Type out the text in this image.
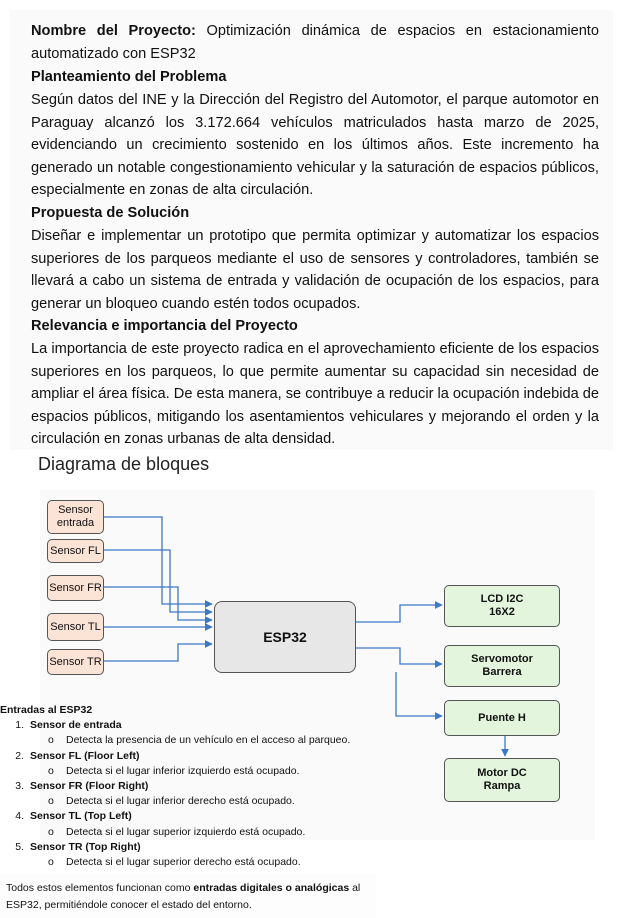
Nombre del Proyecto: Optimización dinámica de espacios en estacionamiento automatizado con ESP32
Planteamiento del Problema
Según datos del INE y la Dirección del Registro del Automotor, el parque automotor en Paraguay alcanzó los 3.172.664 vehículos matriculados hasta marzo de 2025, evidenciando un crecimiento sostenido en los últimos años. Este incremento ha generado un notable congestionamiento vehicular y la saturación de espacios públicos, especialmente en zonas de alta circulación.
Propuesta de Solución
Diseñar e implementar un prototipo que permita optimizar y automatizar los espacios superiores de los parqueos mediante el uso de sensores y controladores, también se llevará a cabo un sistema de entrada y validación de ocupación de los espacios, para generar un bloqueo cuando estén todos ocupados.
Relevancia e importancia del Proyecto
La importancia de este proyecto radica en el aprovechamiento eficiente de los espacios superiores en los parqueos, lo que permite aumentar su capacidad sin necesidad de ampliar el área física. De esta manera, se contribuye a reducir la ocupación indebida de espacios públicos, mitigando los asentamientos vehiculares y mejorando el orden y la circulación en zonas urbanas de alta densidad.
Diagrama de bloques
Sensor entrada
Sensor FL
Sensor FR
Sensor TL
Sensor TR
ESP32
LCD I2C 16X2
Servomotor Barrera
Puente H
Motor DC Rampa
Entradas al ESP32
1. Sensor de entrada
o Detecta la presencia de un vehículo en el acceso al parqueo.
2. Sensor FL (Floor Left)
o Detecta si el lugar inferior izquierdo está ocupado.
3. Sensor FR (Floor Right)
o Detecta si el lugar inferior derecho está ocupado.
4. Sensor TL (Top Left)
o Detecta si el lugar superior izquierdo está ocupado.
5. Sensor TR (Top Right)
o Detecta si el lugar superior derecho está ocupado.
Todos estos elementos funcionan como entradas digitales o analógicas al ESP32, permitiéndole conocer el estado del entorno.
